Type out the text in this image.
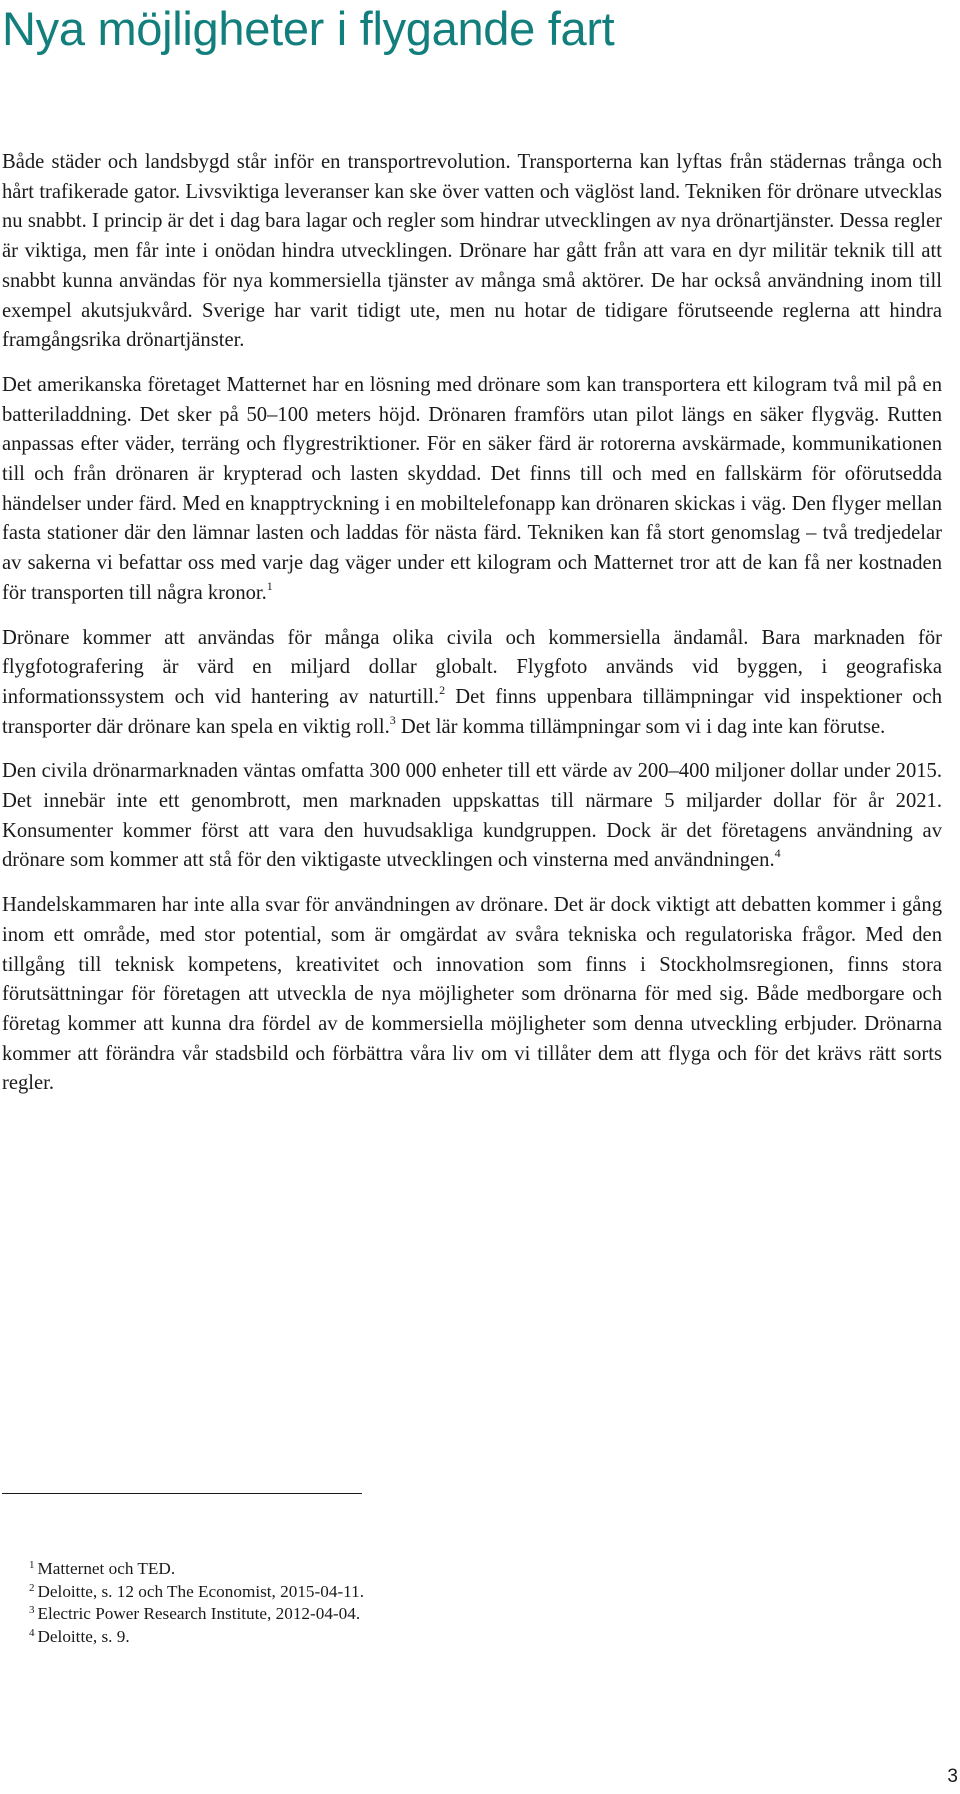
Nya möjligheter i flygande fart

Både städer och landsbygd står inför en transportrevolution. Transporterna kan lyftas från städernas trånga och hårt trafikerade gator. Livsviktiga leveranser kan ske över vatten och väglöst land. Tekniken för drönare utvecklas nu snabbt. I princip är det i dag bara lagar och regler som hindrar utvecklingen av nya drönartjänster. Dessa regler är viktiga, men får inte i onödan hindra utvecklingen. Drönare har gått från att vara en dyr militär teknik till att snabbt kunna användas för nya kommersiella tjänster av många små aktörer. De har också användning inom till exempel akutsjukvård. Sverige har varit tidigt ute, men nu hotar de tidigare förutseende reglerna att hindra framgångsrika drönartjänster.

Det amerikanska företaget Matternet har en lösning med drönare som kan transportera ett kilogram två mil på en batteriladdning. Det sker på 50–100 meters höjd. Drönaren framförs utan pilot längs en säker flygväg. Rutten anpassas efter väder, terräng och flygrestriktioner. För en säker färd är rotorerna avskärmade, kommunikationen till och från drönaren är krypterad och lasten skyddad. Det finns till och med en fallskärm för oförutsedda händelser under färd. Med en knapptryckning i en mobiltelefonapp kan drönaren skickas i väg. Den flyger mellan fasta stationer där den lämnar lasten och laddas för nästa färd. Tekniken kan få stort genomslag – två tredjedelar av sakerna vi befattar oss med varje dag väger under ett kilogram och Matternet tror att de kan få ner kostnaden för transporten till några kronor.$^1$

Drönare kommer att användas för många olika civila och kommersiella ändamål. Bara marknaden för flygfotografering är värd en miljard dollar globalt. Flygfoto används vid byggen, i geografiska informationssystem och vid hantering av naturtill.$^2$ Det finns uppenbara tillämpningar vid inspektioner och transporter där drönare kan spela en viktig roll.$^3$ Det lär komma tillämpningar som vi i dag inte kan förutse.

Den civila drönarmarknaden väntas omfatta 300 000 enheter till ett värde av 200–400 miljoner dollar under 2015. Det innebär inte ett genombrott, men marknaden uppskattas till närmare 5 miljarder dollar för år 2021. Konsumenter kommer först att vara den huvudsakliga kundgruppen. Dock är det företagens användning av drönare som kommer att stå för den viktigaste utvecklingen och vinsterna med användningen.$^4$

Handelskammaren har inte alla svar för användningen av drönare. Det är dock viktigt att debatten kommer i gång inom ett område, med stor potential, som är omgärdat av svåra tekniska och regulatoriska frågor. Med den tillgång till teknisk kompetens, kreativitet och innovation som finns i Stockholmsregionen, finns stora förutsättningar för företagen att utveckla de nya möjligheter som drönarna för med sig. Både medborgare och företag kommer att kunna dra fördel av de kommersiella möjligheter som denna utveckling erbjuder. Drönarna kommer att förändra vår stadsbild och förbättra våra liv om vi tillåter dem att flyga och för det krävs rätt sorts regler.

$^1$ Matternet och TED.
$^2$ Deloitte, s. 12 och The Economist, 2015-04-11.
$^3$ Electric Power Research Institute, 2012-04-04.
$^4$ Deloitte, s. 9.
3
